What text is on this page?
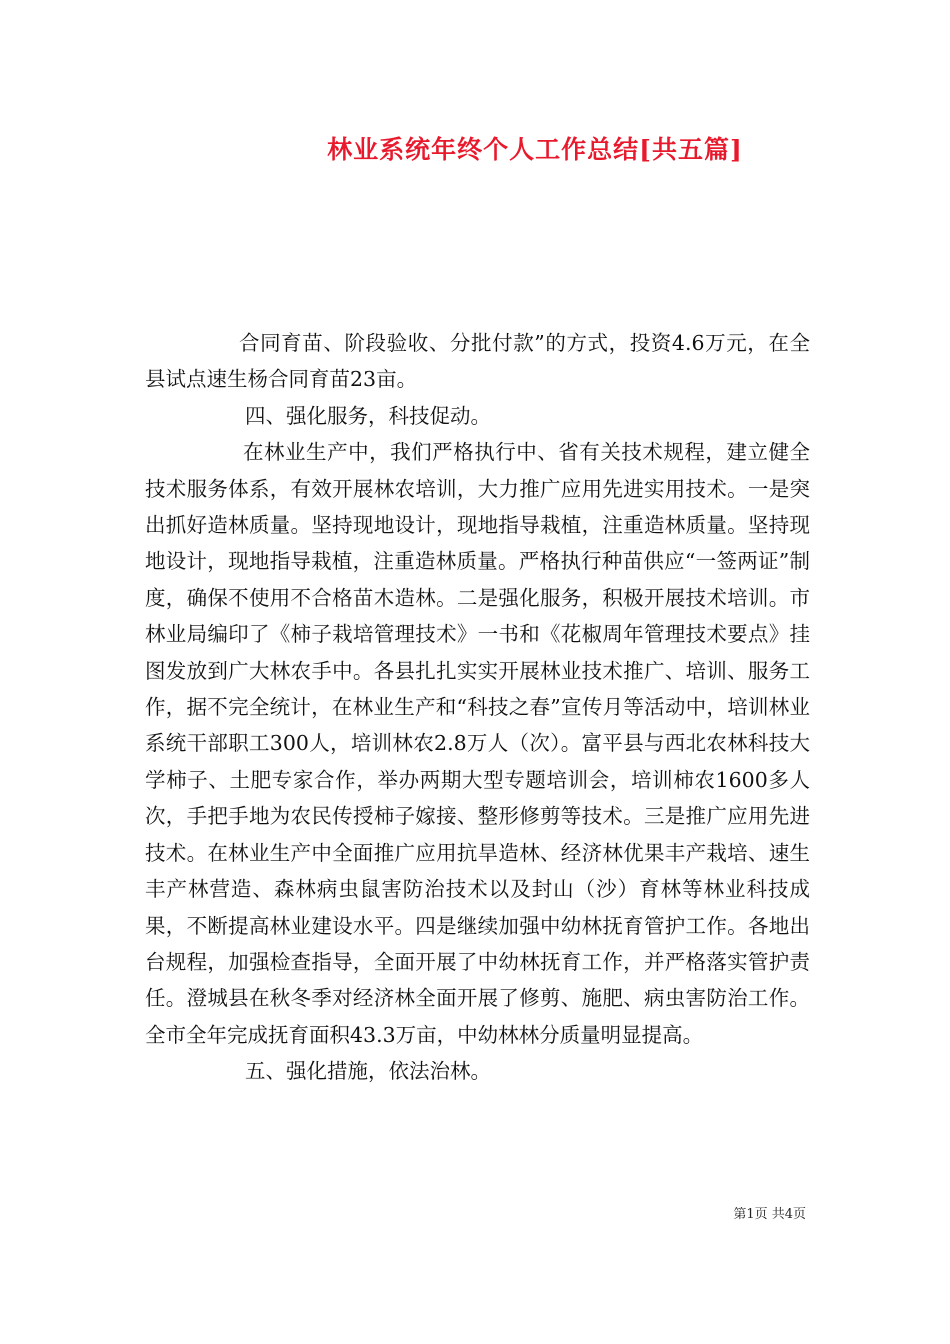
林业系统年终个人工作总结[共五篇]

合同育苗、阶段验收、分批付款”的方式，投资4.6万元，在全县试点速生杨合同育苗23亩。

四、强化服务，科技促动。

在林业生产中，我们严格执行中、省有关技术规程，建立健全技术服务体系，有效开展林农培训，大力推广应用先进实用技术。一是突出抓好造林质量。坚持现地设计，现地指导栽植，注重造林质量。坚持现地设计，现地指导栽植，注重造林质量。严格执行种苗供应“一签两证”制度，确保不使用不合格苗木造林。二是强化服务，积极开展技术培训。市林业局编印了《柿子栽培管理技术》一书和《花椒周年管理技术要点》挂图发放到广大林农手中。各县扎扎实实开展林业技术推广、培训、服务工作，据不完全统计，在林业生产和“科技之春”宣传月等活动中，培训林业系统干部职工300人，培训林农2.8万人（次）。富平县与西北农林科技大学柿子、土肥专家合作，举办两期大型专题培训会，培训柿农1600多人次，手把手地为农民传授柿子嫁接、整形修剪等技术。三是推广应用先进技术。在林业生产中全面推广应用抗旱造林、经济林优果丰产栽培、速生丰产林营造、森林病虫鼠害防治技术以及封山（沙）育林等林业科技成果，不断提高林业建设水平。四是继续加强中幼林抚育管护工作。各地出台规程，加强检查指导，全面开展了中幼林抚育工作，并严格落实管护责任。澄城县在秋冬季对经济林全面开展了修剪、施肥、病虫害防治工作。全市全年完成抚育面积43.3万亩，中幼林林分质量明显提高。

五、强化措施，依法治林。

第1页 共4页
